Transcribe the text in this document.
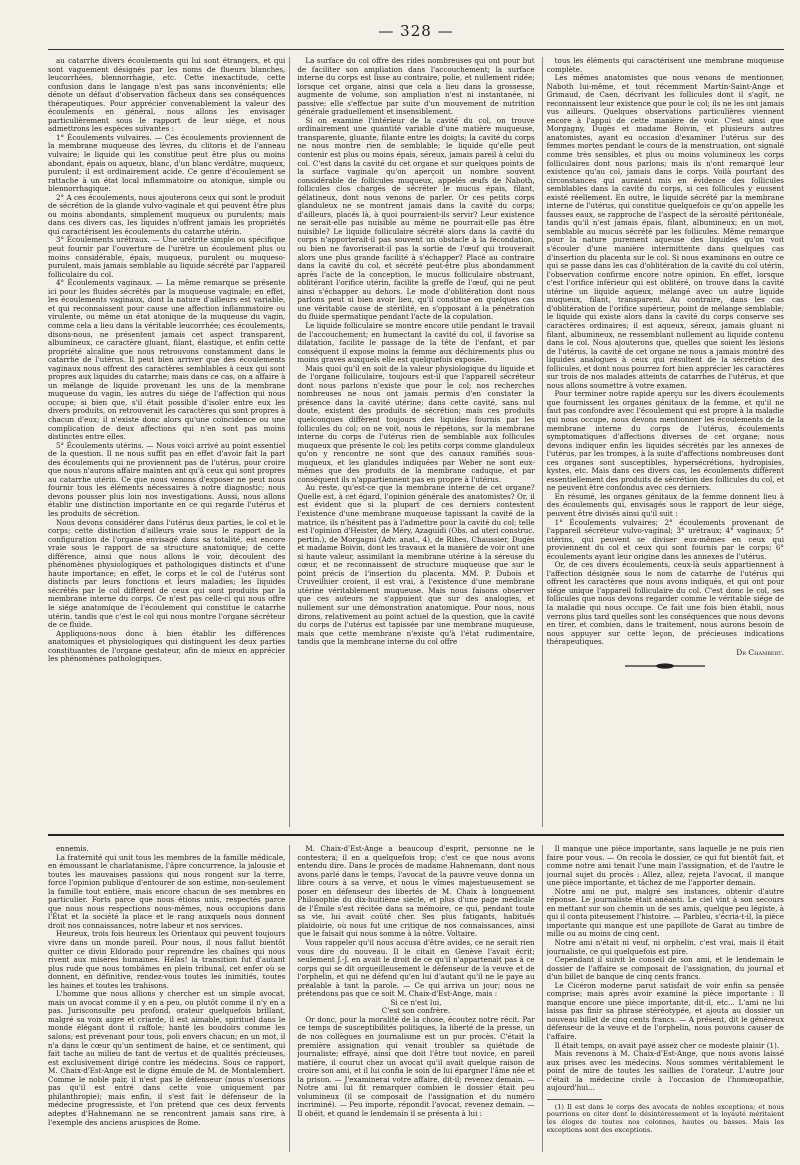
— 328 —

au catarrhe divers écoulements qui lui sont étrangers, et qui sont vaguement désignés par les noms de flueurs blanches, leucorrhées, blennorrhagie, etc. Cette inexactitude, cette confusion dans le langage n'est pas sans inconvénients; elle dénote un défaut d'observation fâcheux dans ses conséquences thérapeutiques. Pour apprécier convenablement la valeur des écoulements en général, nous allons les envisager particulièrement sous le rapport de leur siége, et nous admettrons les espèces suivantes :

1° Écoulements vulvaires. — Ces écoulements proviennent de la membrane muqueuse des lèvres, du clitoris et de l'anneau vulvaire; le liquide qui les constitue peut être plus ou moins abondant, épais ou aqueux, blanc, d'un blanc verdâtre, muqueux, purulent; il est ordinairement acide. Ce genre d'écoulement se rattache à un état local inflammatoire ou atonique, simple ou blennorrhagique.

2° A ces écoulements, nous ajouterons ceux qui sont le produit de sécrétion de la glande vulvo-vaginale et qui peuvent être plus ou moins abondants, simplement muqueux ou purulents; mais dans ces divers cas, les liquides n'offrent jamais les propriétés qui caractérisent les écoulements du catarrhe utérin.

3° Écoulements urétraux. — Une urétrite simple ou spécifique peut fournir par l'ouverture de l'urètre un écoulement plus ou moins considérable, épais, muqueux, purulent ou muqueso-purulent, mais jamais semblable au liquide sécrété par l'appareil folliculaire du col.

4° Écoulements vaginaux. — La même remarque se présente ici pour les fluides sécrétés par la muqueuse vaginale; en effet, les écoulements vaginaux, dont la nature d'ailleurs est variable, et qui reconnaissent pour cause une affection inflammatoire ou virulente, ou même un état atonique de la muqueuse du vagin, comme cela a lieu dans la véritable leucorrhée; ces écoulements, disons-nous, ne présentent jamais cet aspect transparent, albumineux, ce caractère gluant, filant, élastique, et enfin cette propriété alcaline que nous retrouvons constamment dans le catarrhe de l'utérus. Il peut bien arriver que des écoulements vaginaux nous offrent des caractères semblables à ceux qui sont propres aux liquides du catarrhe; mais dans ce cas, on a affaire à un mélange de liquide provenant les uns de la membrane muqueuse du vagin, les autres du siége de l'affection qui nous occupe; si bien que, s'il était possible d'isoler entre eux les divers produits, on retrouverait les caractères qui sont propres à chacun d'eux; il n'existe donc alors qu'une coïncidence ou une complication de deux affections qui n'en sont pas moins distinctes entre elles.

5° Écoulements utérins. — Nous voici arrivé au point essentiel de la question. Il ne nous suffit pas en effet d'avoir fait la part des écoulements qui ne proviennent pas de l'utérus, pour croire que nous n'aurons affaire mainten ant qu'à ceux qui sont propres au catarrhe utérin. Ce que nous venons d'exposer ne peut nous fournir tous les éléments nécessaires à notre diagnostic; nous devons pousser plus loin nos investigations. Aussi, nous allons établir une distinction importante en ce qui regarde l'utérus et les produits de sécrétion.

Nous devons considérer dans l'utérus deux parties, le col et le corps; cette distinction d'ailleurs vraie sous le rapport de la configuration de l'organe envisagé dans sa totalité, est encore vraie sous le rapport de sa structure anatomique; de cette différence, ainsi que nous allons le voir, découlent des phénomènes physiologiques et pathologiques distincts et d'une haute importance; en effet, le corps et le col de l'utérus sont distincts par leurs fonctions et leurs maladies; les liquides sécrétés par le col diffèrent de ceux qui sont produits par la membrane interne du corps. Ce n'est pas celle-ci qui nous offre le siége anatomique de l'écoulement qui constitue le catarrhe utérin, tandis que c'est le col qui nous montre l'organe sécréteur de ce fluide.

Appliquons-nous donc à bien établir les différences anatomiques et physiologiques qui distinguent les deux parties constituantes de l'organe gestateur, afin de mieux en apprécier les phénomènes pathologiques.

La surface du col offre des rides nombreuses qui ont pour but de faciliter son ampliation dans l'accouchement; la surface interne du corps est lisse au contraire, polie, et nullement ridée; lorsque cet organe, ainsi que cela a lieu dans la grossesse, augmente de volume, son ampliation n'est ni instantanée, ni passive; elle s'effectue par suite d'un mouvement de nutrition générale graduellement et insensiblement.

Si on examine l'intérieur de la cavité du col, on trouve ordinairement une quantité variable d'une matière muqueuse, transparente, gluante, filante entre les doigts; la cavité du corps ne nous montre rien de semblable; le liquide qu'elle peut contenir est plus ou moins épais, séreux, jamais pareil à celui du col. C'est dans la cavité du cet organe et sur quelques points de la surface vaginale qu'on aperçoit un nombre souvent considérable de follicules muqueux, appelés œufs de Naboth, follicules clos chargés de sécréter le mucus épais, filant, gélatineux, dont nous venons de parler. Or ces petits corps glanduleux ne se montrent jamais dans la cavité du corps; d'ailleurs, placés là, à quoi pourraient-ils servir? Leur existence ne serait-elle pas nuisible au même ne pourrait-elle pas être nuisible? Le liquide folliculaire sécrété alors dans la cavité du corps n'apporterait-il pas souvent un obstacle à la fécondation, ou bien ne favoriserait-il pas la sortie de l'œuf qui trouverait alors une plus grande facilité à s'échapper? Placé au contraire dans la cavité du col, et sécrété peut-être plus abondamment après l'acte de la conception, le mucus folliculaire obstruant, oblitérant l'orifice utérin, facilite la greffe de l'œuf, qui ne peut ainsi s'échapper au dehors. Le mode d'oblitération dont nous parlons peut si bien avoir lieu, qu'il constitue en quelques cas une véritable cause de stérilité, en s'opposant à la pénétration du fluide spermatique pendant l'acte de la copulation.

Le liquide folliculaire se montre encore utile pendant le travail de l'accouchement; en humectant la cavité du col, il favorise sa dilatation, facilite le passage de la tête de l'enfant, et par conséquent il expose moins la femme aux déchirements plus ou moins graves auxquels elle est quelquefois exposée.

Mais quoi qu'il en soit de la valeur physiologique du liquide et de l'organe folliculaire, toujours est-il que l'appareil sécréteur dont nous parlons n'existe que pour le col; nos recherches nombreuses ne nous ont jamais permis d'en constater la présence dans la cavité utérine; dans cette cavité, sans nul doute, existent des produits de sécrétion; mais ces produits quelconques diffèrent toujours des liquides fournis par les follicules du col; on ne voit, nous le répétons, sur la membrane interne du corps de l'utérus rien de semblable aux follicules muqueux que présente le col; les petits corps comme glanduleux qu'on y rencontre ne sont que des canaux ramifiés sous-muqueux, et les glandules indiquées par Weber ne sont eux-mêmes que des produits de la membrane caduque, et par conséquent ils n'appartiennent pas en propre à l'utérus.

Au reste, qu'est-ce que la membrane interne de cet organe? Quelle est, à cet égard, l'opinion générale des anatomistes? Or, il est évident que si la plupart de ces derniers contestent l'existence d'une membrane muqueuse tapissant la cavité de la matrice, ils n'hésitent pas à l'admettre pour la cavité du col; telle est l'opinion d'Heister, de Méry, Azaguidi (Obs. ad uteri construc. pertin.), de Morgagni (Adv. anat., 4), de Ribes, Chaussier, Dugès et madame Boivin, dont les travaux et la manière de voir ont une si haute valeur, assimilant la membrane utérine à la séreuse du cœur, et ne reconnaissent de structure muqueuse que sur le point précis de l'insertion du placenta. MM. P. Dubois et Cruveilhier croient, il est vrai, à l'existence d'une membrane utérine véritablement muqueuse. Mais nous faisons observer que ces auteurs ne s'appuient que sur des analogies, et nullement sur une démonstration anatomique. Pour nous, nous dirons, relativement au point actuel de la question, que la cavité du corps de l'utérus est tapissée par une membrane muqueuse, mais que cette membrane n'existe qu'à l'état rudimentaire, tandis que la membrane interne du col offre

tous les éléments qui caractérisent une membrane muqueuse complète.

Les mêmes anatomistes que nous venons de mentionner, Naboth lui-même, et tout récemment Martin-Saint-Ange et Grimaud, de Caen, décrivant les follicules dont il s'agit, ne reconnaissent leur existence que pour le col; ils ne les ont jamais vus ailleurs. Quelques observations particulières viennent encore à l'appui de cette manière de voir. C'est ainsi que Morgagny, Dugès et madame Boivin, et plusieurs autres anatomistes, ayant eu occasion d'examiner l'utérus sur des femmes mortes pendant le cours de la menstruation, ont signalé comme très sensibles, et plus ou moins volumineux les corps folliculaires dont nous parlons; mais ils n'ont remarqué leur existence qu'au col, jamais dans le corps. Voilà pourtant des circonstances qui auraient mis en évidence des follicules semblables dans la cavité du corps, si ces follicules y eussent existé réellement. En outre, le liquide sécrété par la membrane interne de l'utérus, qui constitue quelquefois ce qu'on appelle les fausses eaux, se rapproche de l'aspect de la sérosité péritonéale, tandis qu'il n'est jamais épais, filant, albumineux; en un mot, semblable au mucus sécrété par les follicules. Même remarque pour la nature purement aqueuse des liquides qu'on voit s'écouler d'une manière intermittente dans quelques cas d'insertion du placenta sur le col. Si nous examinons en outre ce qui se passe dans les cas d'oblitération de la cavité du col utérin, l'observation confirme encore notre opinion. En effet, lorsque c'est l'orifice inférieur qui est oblitéré, on trouve dans la cavité utérine un liquide aqueux, mélangé avec un autre liquide muqueux, filant, transparent. Au contraire, dans les cas d'oblitération de l'orifice supérieur, point de mélange semblable; le liquide qui existe alors dans la cavité du corps conserve ses caractères ordinaires; il est aqueux, séreux, jamais gluant ni filant, albumineux, ne ressemblant nullement au liquide contenu dans le col. Nous ajouterons que, quelles que soient les lésions de l'utérus, la cavité de cet organe ne nous a jamais montré des liquides analogues à ceux qui résultent de la sécrétion des follicules, et dont nous pourrez fort bien apprécier les caractères sur trois de nos malades atteints de catarrhes de l'utérus, et que nous allons soumettre à votre examen.

Pour terminer notre rapide aperçu sur les divers écoulements que fournissent les organes génitaux de la femme, et qu'il ne faut pas confondre avec l'écoulement qui est propre à la maladie qui nous occupe, nous devons mentionner les écoulements de la membrane interne du corps de l'utérus, écoulements symptomatiques d'affections diverses de cet organe; nous devons indiquer enfin les liquides sécrétés par les annexes de l'utérus, par les trompes, à la suite d'affections nombreuses dont ces organes sont susceptibles, hypersécrétions, hydropisies, kystes, etc. Mais dans ces divers cas, les écoulements diffèrent essentiellement des produits de sécrétion des follicules du col, et ne peuvent être confondus avec ces derniers.

En résumé, les organes génitaux de la femme donnent lieu à des écoulements qui, envisagés sous le rapport de leur siége, peuvent être divisés ainsi qu'il suit :

1° Écoulements vulvaires; 2° écoulements provenant de l'appareil sécréteur vulvo-vaginal; 3° urétraux; 4° vaginaux; 5° utérins, qui peuvent se diviser eux-mêmes en ceux qui proviennent du col et ceux qui sont fournis par le corps; 6° écoulements ayant leur origine dans les annexes de l'utérus.

Or, de ces divers écoulements, ceux-là seuls appartiennent à l'affection désignée sous le nom de catarrhe de l'utérus qui offrent les caractères que nous avons indiqués, et qui ont pour siége unique l'appareil folliculaire du col. C'est donc le col, ses follicules que nous devons regarder comme le véritable siége de la maladie qui nous occupe. Ce fait une fois bien établi, nous verrons plus tard quelles sont les conséquences que nous devons en tirer, et combien, dans le traitement, nous aurons besoin de nous appuyer sur cette leçon, de précieuses indications thérapeutiques.

Dr Chambert.

ennemis.

La fraternité qui unit tous les membres de la famille médicale, en émoussant le charlatanisme, l'âpre concurrence, la jalousie et toutes les mauvaises passions qui nous rongent sur la terre, force l'opinion publique d'entourer de son estime, non-seulement la famille tout entière, mais encore chacun de ses membres en particulier. Forts parce que nous étions unis, respectés parce que nous nous respections nous-mêmes, nous occupions dans l'État et la société la place et le rang auxquels nous donnent droit nos connaissances, notre labeur et nos services.

Heureux, trois fois heureux les Orientaux qui peuvent toujours vivre dans un monde pareil. Pour nous, il nous fallut bientôt quitter ce divin Eldorado pour reprendre les chaînes qui nous rivent aux misères humaines. Hélas! la transition fut d'autant plus rude que nous tombâmes en plein tribunal, cet enfer où se donnent, en définitive, rendez-vous toutes les inimitiés, toutes les haines et toutes les trahisons.

L'homme que nous allions y chercher est un simple avocat, mais un avocat comme il y en a peu, ou plutôt comme il n'y en a pas. Jurisconsulte peu profond, orateur quelquefois brillant, malgré sa voix aigre et criarde, il est aimable, spirituel dans le monde élégant dont il raffole; hanté les boudoirs comme les salons; est prévenant pour tous, poli envers chacun; en un mot, il n'a dans le cœur qu'un sentiment de haine, et ce sentiment, qui fait tache au milieu de tant de vertus et de qualités précieuses, est exclusivement dirigé contre les médecins. Sous ce rapport, M. Chaix-d'Est-Ange est le digne émule de M. de Montalembert. Comme le noble pair, il n'est pas le défenseur (nous n'oserions pas qu'il est entré dans cette voie uniquement par philanthropie); mais enfin, il s'est fait le défenseur de la médecine progressiste, et l'on prétend que ces deux fervents adeptes d'Hahnemann ne se rencontrent jamais sans rire, à l'exemple des anciens aruspices de Rome.

M. Chaix-d'Est-Ange a beaucoup d'esprit, personne ne le contestera; il en a quelquefois trop; c'est ce que nous avons entendu dire. Dans le procès de madame Hahnemann, dont nous avons parlé dans le temps, l'avocat de la pauvre veuve donna un libre cours à sa verve, et nous le vîmes majestueusement se poser en défenseur des libertés de M. Chaix à longuement Philosophie du dix-huitième siècle, et plus d'une page médicale de l'Émile s'est récitée dans sa mémoire, ce qui, pendant toute sa vie, lui avait coûté cher. Ses plus fatigants, habitués plaidoirie, où nous fut une critique de nos connaissances, ainsi que le faisait qui nous somme à la nôtre. Voltaire.

Vous rappeler qu'il nous accusa d'être avides, ce ne serait rien vous dire du nouveau. Il le citait en Genève l'avait écrit; seulement J.-J. en avait le droit de ce qu'il n'appartenait pas à ce corps qui se dit orgueilleusement le défenseur de la veuve et de l'orphelin, et qui ne défend qu'en lui d'autant qu'il ne le paye au préalable à tant la parole. — Ce qui arriva un jour; nous ne prétendons pas que ce soit M. Chaix-d'Est-Ange, mais :

Si ce n'est lui,

C'est son confrère.

Or donc, pour la moralité de la chose, écoutez notre récit. Par ce temps de susceptibilités politiques, la liberté de la presse, un de nos collègues en journalisme est un pur procès. C'était la première assignation qui venait troubler sa quiétude de journaliste; effrayé, ainsi que doit l'être tout novice, en pareil matière, il courut chez un avocat qu'il avait quelque raison de croire son ami, et il lui confia le soin de lui épargner l'âme née et la prison. — J'examinerai votre affaire, dit-il; revenez demain. — Notre ami lui fit remarquer combien le dossier était peu volumineux (il se composait de l'assignation et du numéro incriminé). — Peu importe, répondit l'avocat, revenez demain. — Il obéit, et quand le lendemain il se présenta à lui :

Il manque une pièce importante, sans laquelle je ne puis rien faire pour vous. — On recola le dossier, ce qui fut bientôt fait, et comme notre ami tenait l'une main l'assignation, et de l'autre le journal sujet du procès : Allez, allez, rejeta l'avocat, il manque une pièce importante, et tâchez de me l'apporter demain.

Notre ami ne put, malgré ses instances, obtenir d'autre réponse. Le journaliste était anéanti. Le ciel vint à son secours en mettant sur son chemin un de ses amis, quelque peu légiste, à qui il conta piteusement l'histoire. — Parbleu, s'écria-t-il, la pièce importante qui manque est une papillote de Garat au timbre de mille ou au moins de cinq cent.

Notre ami n'était ni veuf, ni orphelin, c'est vrai, mais il était journaliste, ce qui quelquefois est pire.

Cependant il suivit le conseil de son ami, et le lendemain le dossier de l'affaire se composait de l'assignation, du journal et d'un billet de banque de cinq cents francs.

Le Cicéron moderne parut satisfait de voir enfin sa pensée comprise; mais après avoir examiné la pièce importante : Il manque encore une pièce importante, dit-il, etc... L'ami ne lui laissa pas finir sa phrase stéréotypée, et ajouta au dossier un nouveau billet de cinq cents francs. — A présent, dit le généreux défenseur de la veuve et de l'orphelin, nous pouvons causer de l'affaire.

Il était temps, on avait payé assez cher ce modeste plaisir (1).

Mais revenons à M. Chaix-d'Est-Ange, que nous avons laissé aux prises avec les médecins. Nous sommes véritablement le point de mire de toutes les saillies de l'orateur. L'autre jour c'était la médecine civile à l'occasion de l'homœopathie, aujourd'hui...

(1) Il est dans le corps des avocats de nobles exceptions; et nous pourrions en citer dont le désintéressement et la loyauté méritaient les éloges de toutes nos colonnes, hautes ou basses. Mais les exceptions sont des exceptions.
